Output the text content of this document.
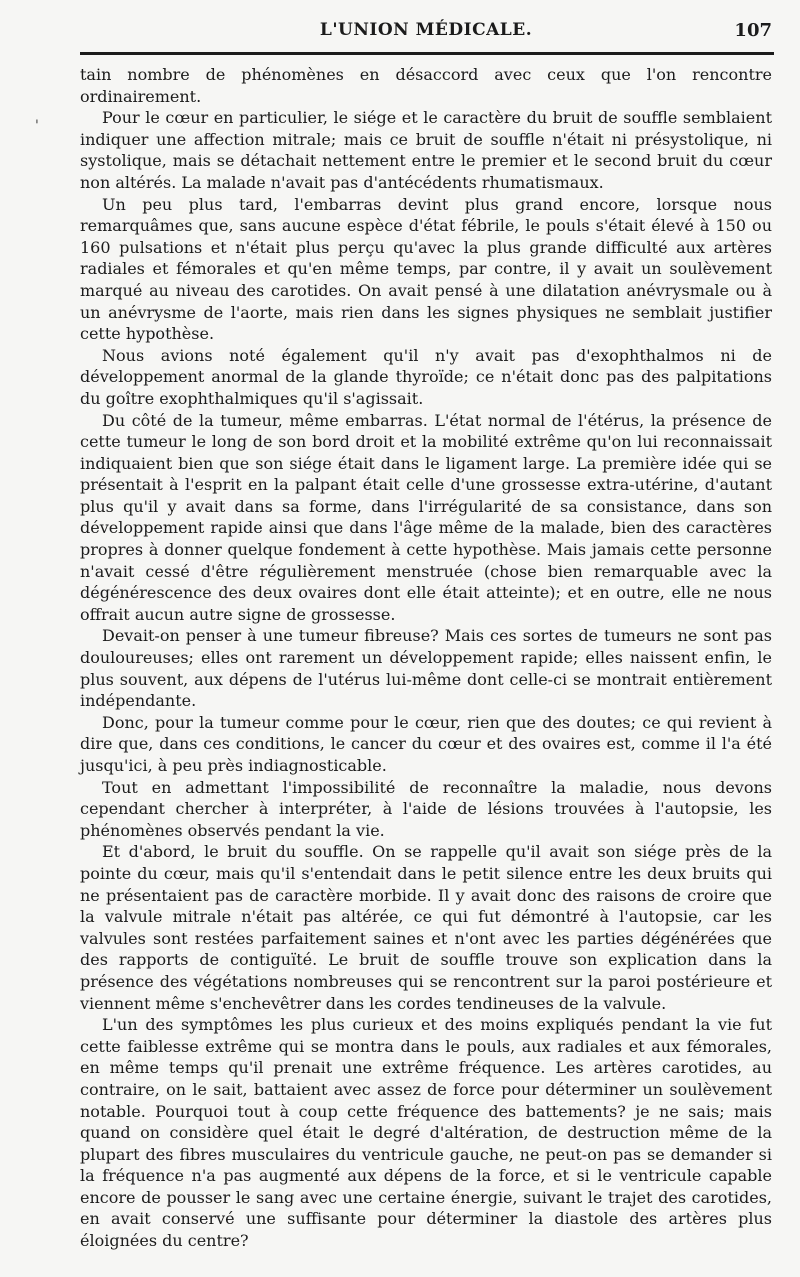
L'UNION MÉDICALE.	107
'

tain nombre de phénomènes en désaccord avec ceux que l'on rencontre ordinairement.

Pour le cœur en particulier, le siége et le caractère du bruit de souffle semblaient indiquer une affection mitrale; mais ce bruit de souffle n'était ni présystolique, ni systolique, mais se détachait nettement entre le premier et le second bruit du cœur non altérés. La malade n'avait pas d'antécédents rhumatismaux.

Un peu plus tard, l'embarras devint plus grand encore, lorsque nous remarquâmes que, sans aucune espèce d'état fébrile, le pouls s'était élevé à 150 ou 160 pulsations et n'était plus perçu qu'avec la plus grande difficulté aux artères radiales et fémorales et qu'en même temps, par contre, il y avait un soulèvement marqué au niveau des carotides. On avait pensé à une dilatation anévrysmale ou à un anévrysme de l'aorte, mais rien dans les signes physiques ne semblait justifier cette hypothèse.

Nous avions noté également qu'il n'y avait pas d'exophthalmos ni de développement anormal de la glande thyroïde; ce n'était donc pas des palpitations du goître exophthalmiques qu'il s'agissait.

Du côté de la tumeur, même embarras. L'état normal de l'étérus, la présence de cette tumeur le long de son bord droit et la mobilité extrême qu'on lui reconnaissait indiquaient bien que son siége était dans le ligament large. La première idée qui se présentait à l'esprit en la palpant était celle d'une grossesse extra-utérine, d'autant plus qu'il y avait dans sa forme, dans l'irrégularité de sa consistance, dans son développement rapide ainsi que dans l'âge même de la malade, bien des caractères propres à donner quelque fondement à cette hypothèse. Mais jamais cette personne n'avait cessé d'être régulièrement menstruée (chose bien remarquable avec la dégénérescence des deux ovaires dont elle était atteinte); et en outre, elle ne nous offrait aucun autre signe de grossesse.

Devait-on penser à une tumeur fibreuse? Mais ces sortes de tumeurs ne sont pas douloureuses; elles ont rarement un développement rapide; elles naissent enfin, le plus souvent, aux dépens de l'utérus lui-même dont celle-ci se montrait entièrement indépendante.

Donc, pour la tumeur comme pour le cœur, rien que des doutes; ce qui revient à dire que, dans ces conditions, le cancer du cœur et des ovaires est, comme il l'a été jusqu'ici, à peu près indiagnosticable.

Tout en admettant l'impossibilité de reconnaître la maladie, nous devons cependant chercher à interpréter, à l'aide de lésions trouvées à l'autopsie, les phénomènes observés pendant la vie.

Et d'abord, le bruit du souffle. On se rappelle qu'il avait son siége près de la pointe du cœur, mais qu'il s'entendait dans le petit silence entre les deux bruits qui ne présentaient pas de caractère morbide. Il y avait donc des raisons de croire que la valvule mitrale n'était pas altérée, ce qui fut démontré à l'autopsie, car les valvules sont restées parfaitement saines et n'ont avec les parties dégénérées que des rapports de contiguïté. Le bruit de souffle trouve son explication dans la présence des végétations nombreuses qui se rencontrent sur la paroi postérieure et viennent même s'enchevêtrer dans les cordes tendineuses de la valvule.

L'un des symptômes les plus curieux et des moins expliqués pendant la vie fut cette faiblesse extrême qui se montra dans le pouls, aux radiales et aux fémorales, en même temps qu'il prenait une extrême fréquence. Les artères carotides, au contraire, on le sait, battaient avec assez de force pour déterminer un soulèvement notable. Pourquoi tout à coup cette fréquence des battements? je ne sais; mais quand on considère quel était le degré d'altération, de destruction même de la plupart des fibres musculaires du ventricule gauche, ne peut-on pas se demander si la fréquence n'a pas augmenté aux dépens de la force, et si le ventricule capable encore de pousser le sang avec une certaine énergie, suivant le trajet des carotides, en avait conservé une suffisante pour déterminer la diastole des artères plus éloignées du centre?
